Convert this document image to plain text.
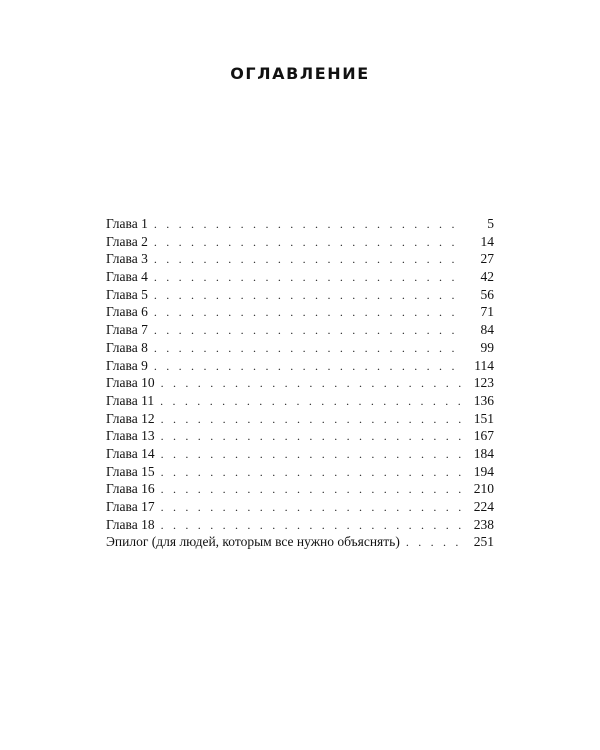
ОГЛАВЛЕНИЕ
Глава 1 . . .	5
Глава 2 . . .	14
Глава 3 . . .	27
Глава 4 . . .	42
Глава 5 . . .	56
Глава 6 . . .	71
Глава 7 . . .	84
Глава 8 . . .	99
Глава 9 . . .	114
Глава 10 . . .	123
Глава 11 . . .	136
Глава 12 . . .	151
Глава 13 . . .	167
Глава 14 . . .	184
Глава 15 . . .	194
Глава 16 . . .	210
Глава 17 . . .	224
Глава 18 . . .	238
Эпилог (для людей, которым все нужно объяснять) . . .	251
